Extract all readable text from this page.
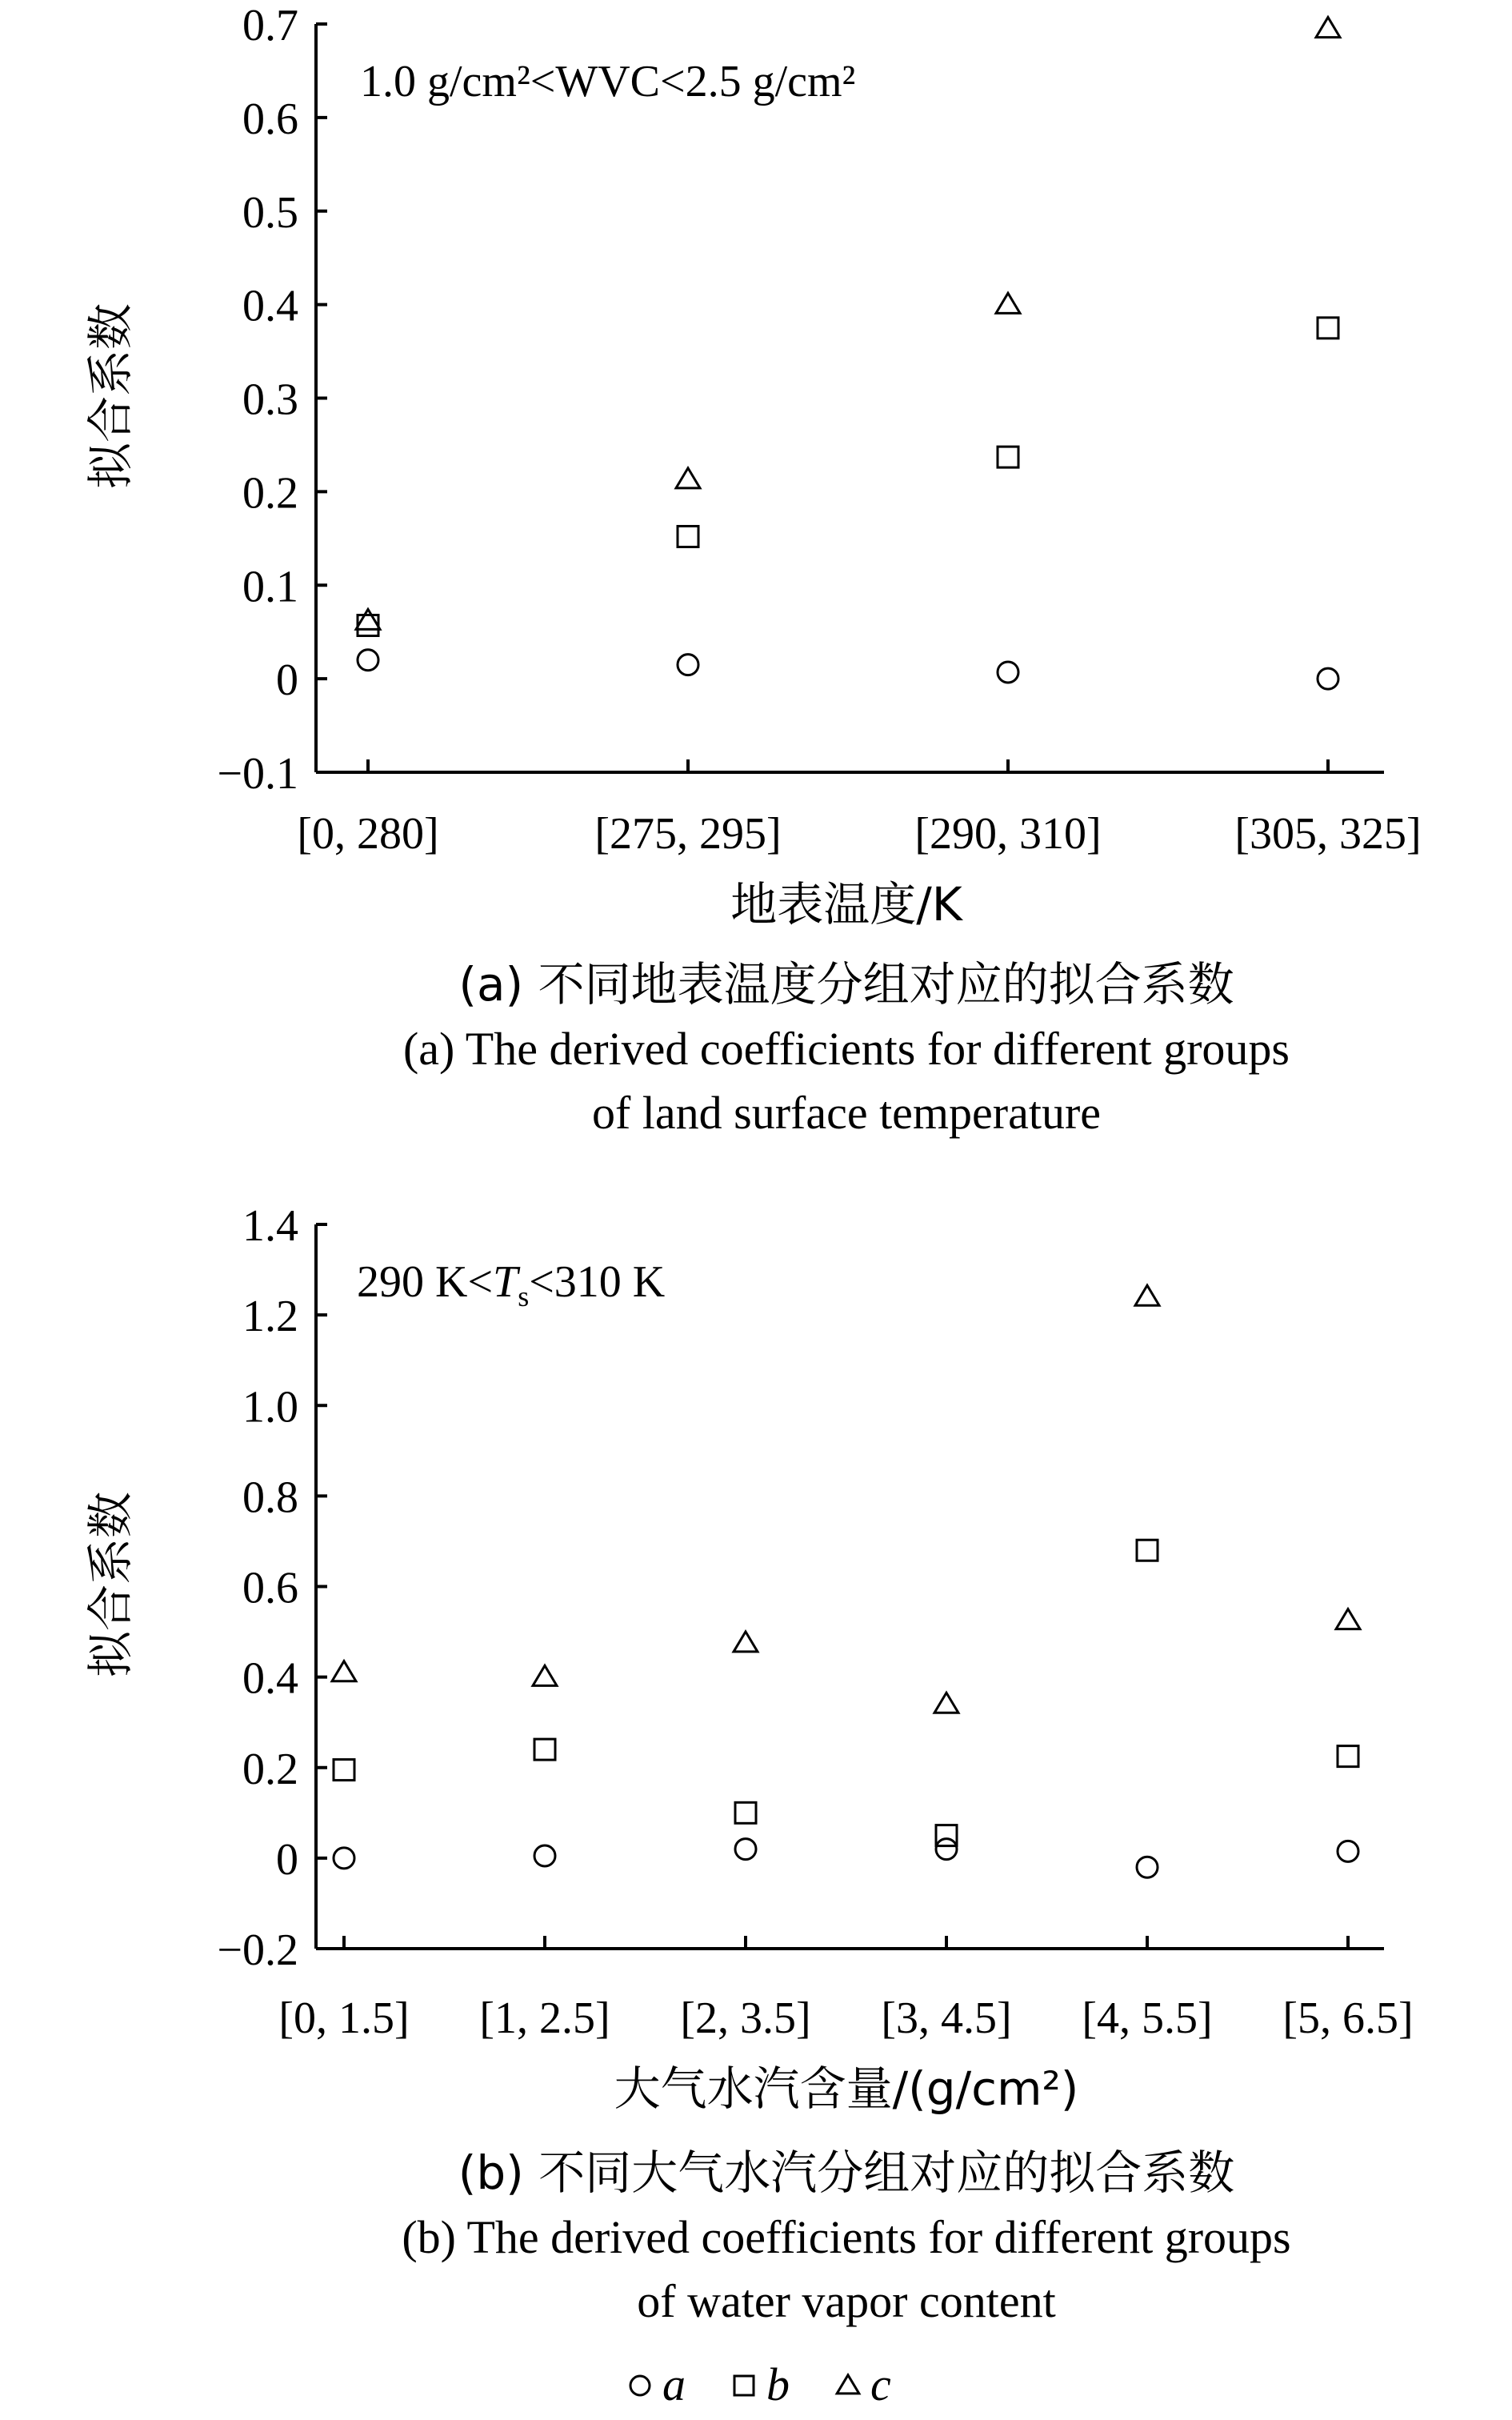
1.0 g/cm²<WVC<2.5 g/cm²
拟合系数
−0.1
0
0.1
0.2
0.3
0.4
0.5
0.6
0.7
[0, 280]	[275, 295]	[290, 310]	[305, 325]
地表温度/K
(a) 不同地表温度分组对应的拟合系数
(a) The derived coefficients for different groups
of land surface temperature
290 $K<T_s<310$ K
拟合系数
−0.2
0
0.2
0.4
0.6
0.8
1.0
1.2
1.4
[0, 1.5] [1, 2.5] [2, 3.5] [3, 4.5] [4, 5.5] [5, 6.5]
大气水汽含量/(g/cm²)
(b) 不同大气水汽分组对应的拟合系数
(b) The derived coefficients for different groups
of water vapor content
a b c
